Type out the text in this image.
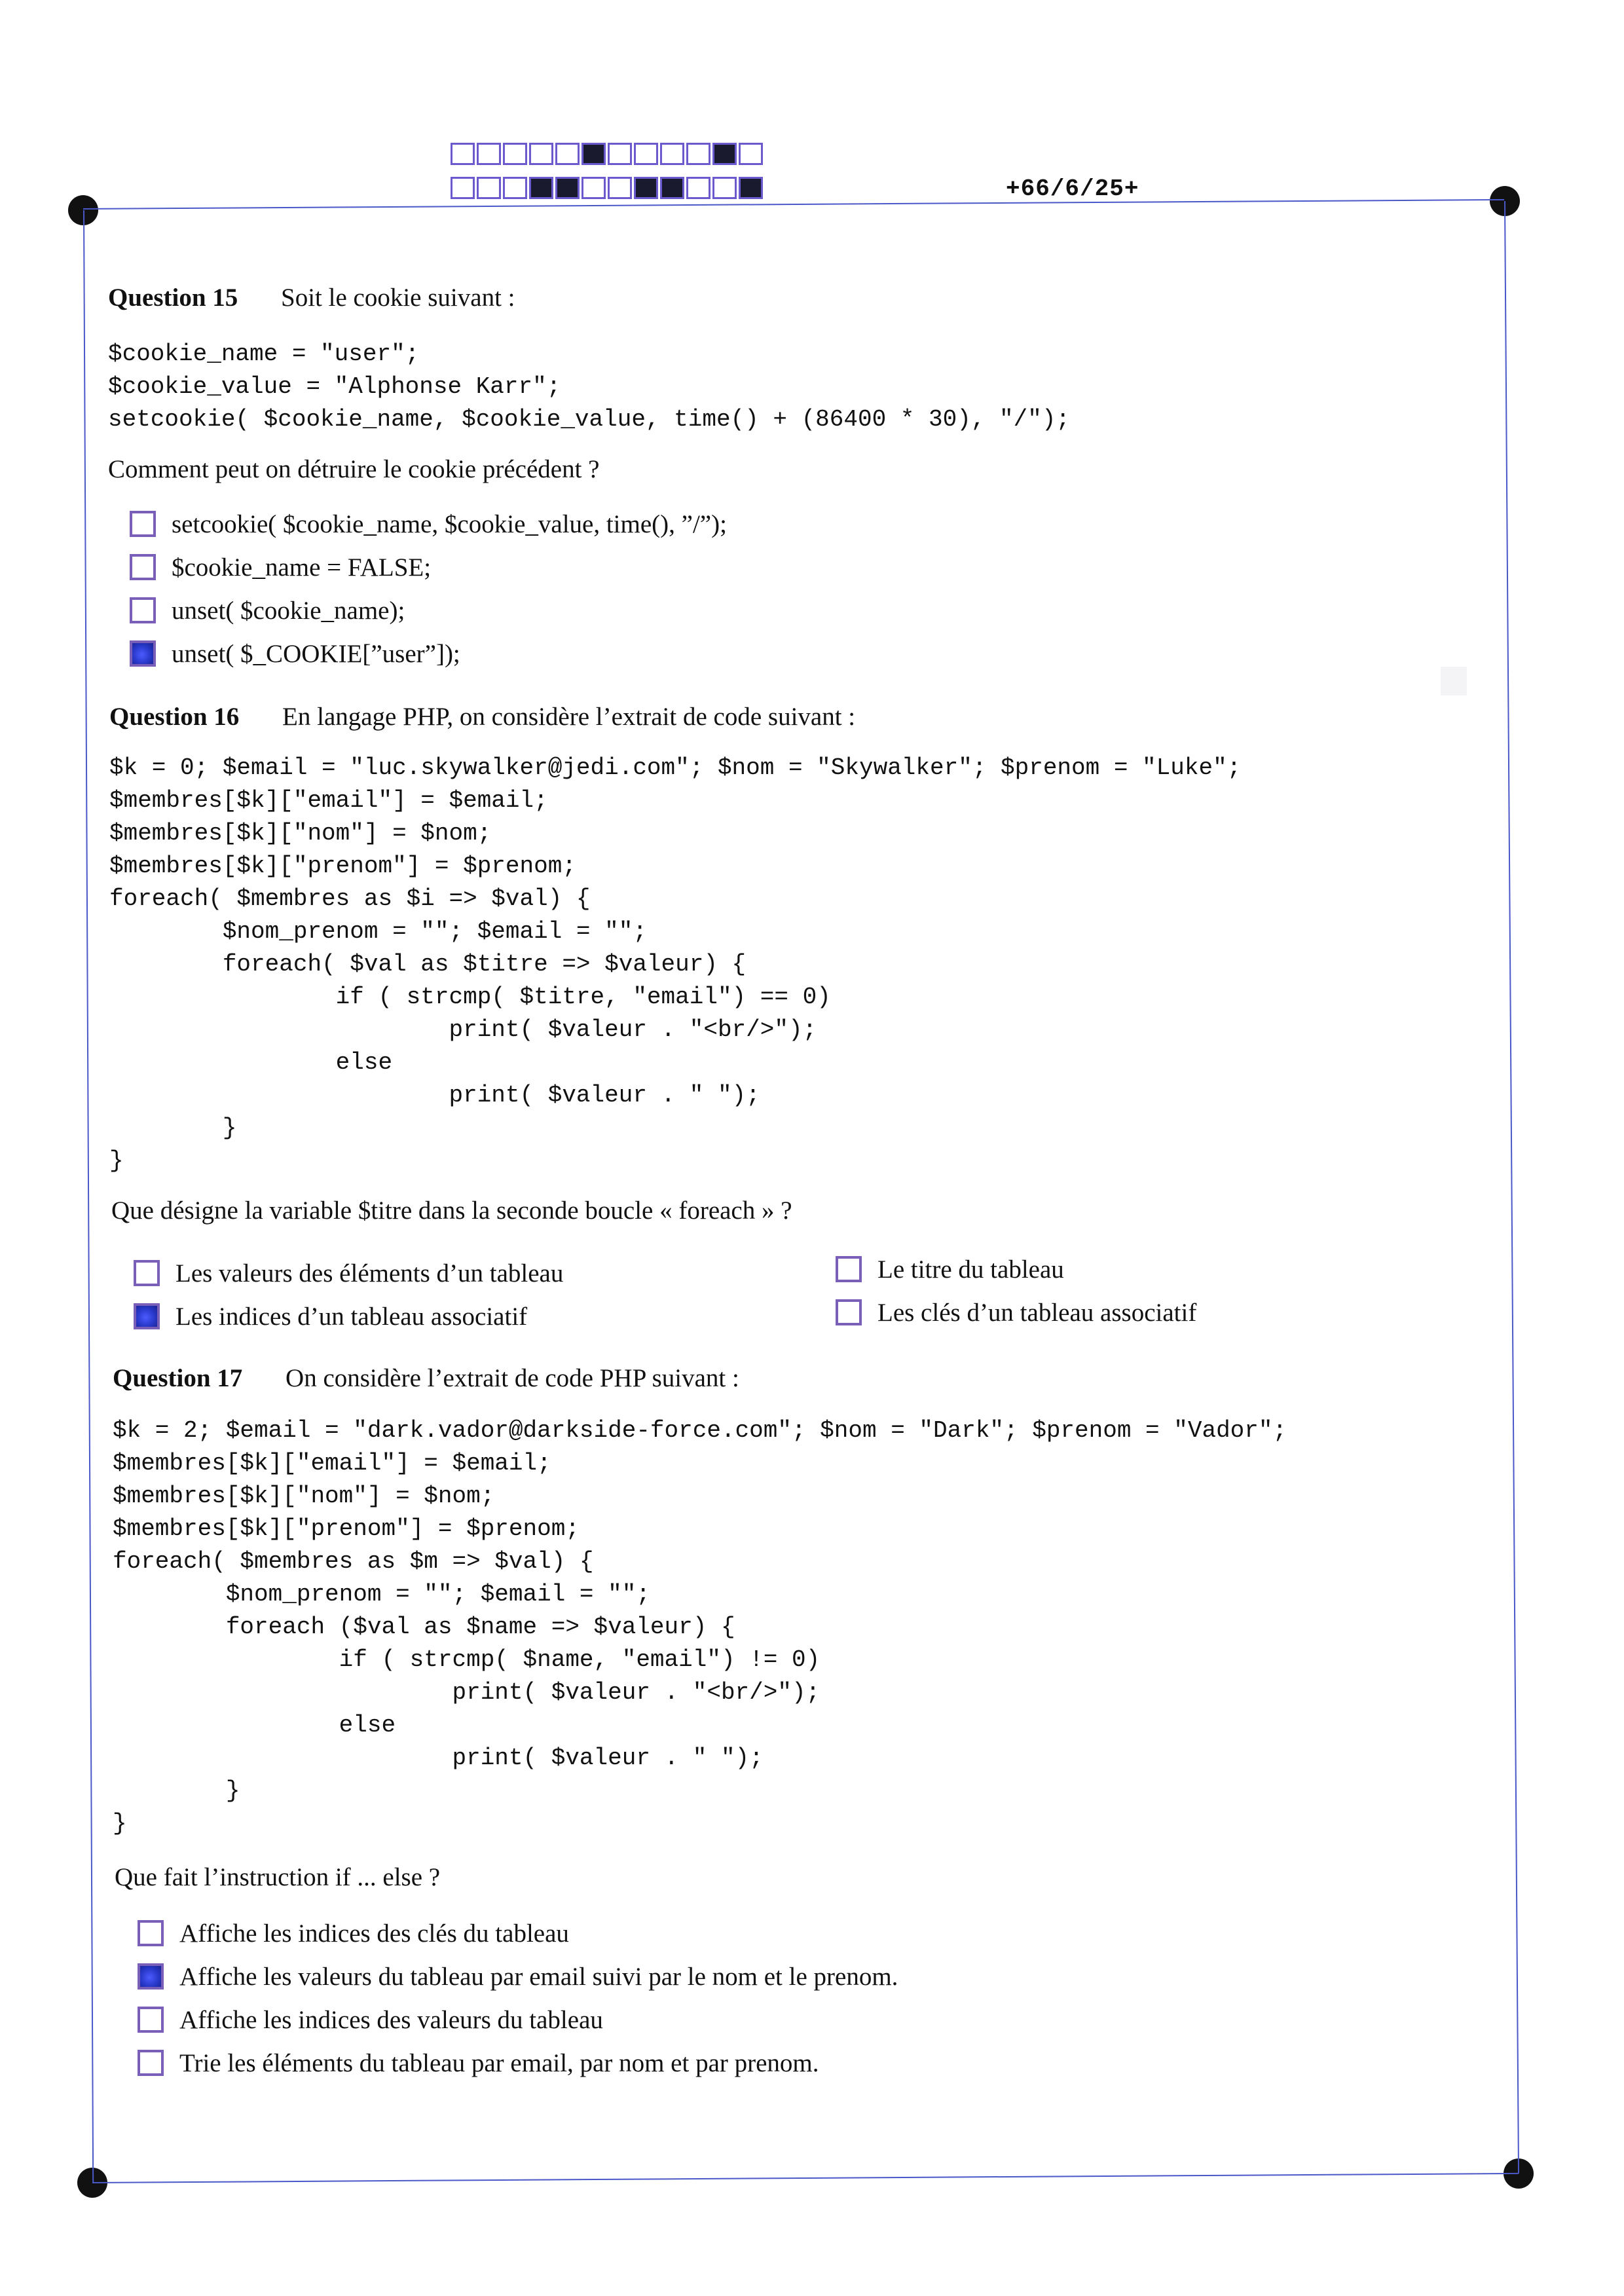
+66/6/25+
Question 15 Soit le cookie suivant :
$cookie_name = "user";
$cookie_value = "Alphonse Karr";
setcookie( $cookie_name, $cookie_value, time() + (86400 * 30), "/");
Comment peut on détruire le cookie précédent ?
setcookie( $cookie_name, $cookie_value, time(), ”/”);
$cookie_name = FALSE;
unset( $cookie_name);
unset( $_COOKIE[”user”]);
Question 16 En langage PHP, on considère l’extrait de code suivant :
$k = 0; $email = "luc.skywalker@jedi.com"; $nom = "Skywalker"; $prenom = "Luke";
$membres[$k]["email"] = $email;
$membres[$k]["nom"] = $nom;
$membres[$k]["prenom"] = $prenom;
foreach( $membres as $i => $val) {
$nom_prenom = ""; $email = "";
foreach( $val as $titre => $valeur) {
if ( strcmp( $titre, "email") == 0)
print( $valeur . "<br/>");
else
print( $valeur . " ");
}
}
Que désigne la variable $titre dans la seconde boucle « foreach » ?
Les valeurs des éléments d’un tableau
Les indices d’un tableau associatif
Le titre du tableau
Les clés d’un tableau associatif
Question 17 On considère l’extrait de code PHP suivant :
$k = 2; $email = "dark.vador@darkside-force.com"; $nom = "Dark"; $prenom = "Vador";
$membres[$k]["email"] = $email;
$membres[$k]["nom"] = $nom;
$membres[$k]["prenom"] = $prenom;
foreach( $membres as $m => $val) {
$nom_prenom = ""; $email = "";
foreach ($val as $name => $valeur) {
if ( strcmp( $name, "email") != 0)
print( $valeur . "<br/>");
else
print( $valeur . " ");
}
}
Que fait l’instruction if ... else ?
Affiche les indices des clés du tableau
Affiche les valeurs du tableau par email suivi par le nom et le prenom.
Affiche les indices des valeurs du tableau
Trie les éléments du tableau par email, par nom et par prenom.
